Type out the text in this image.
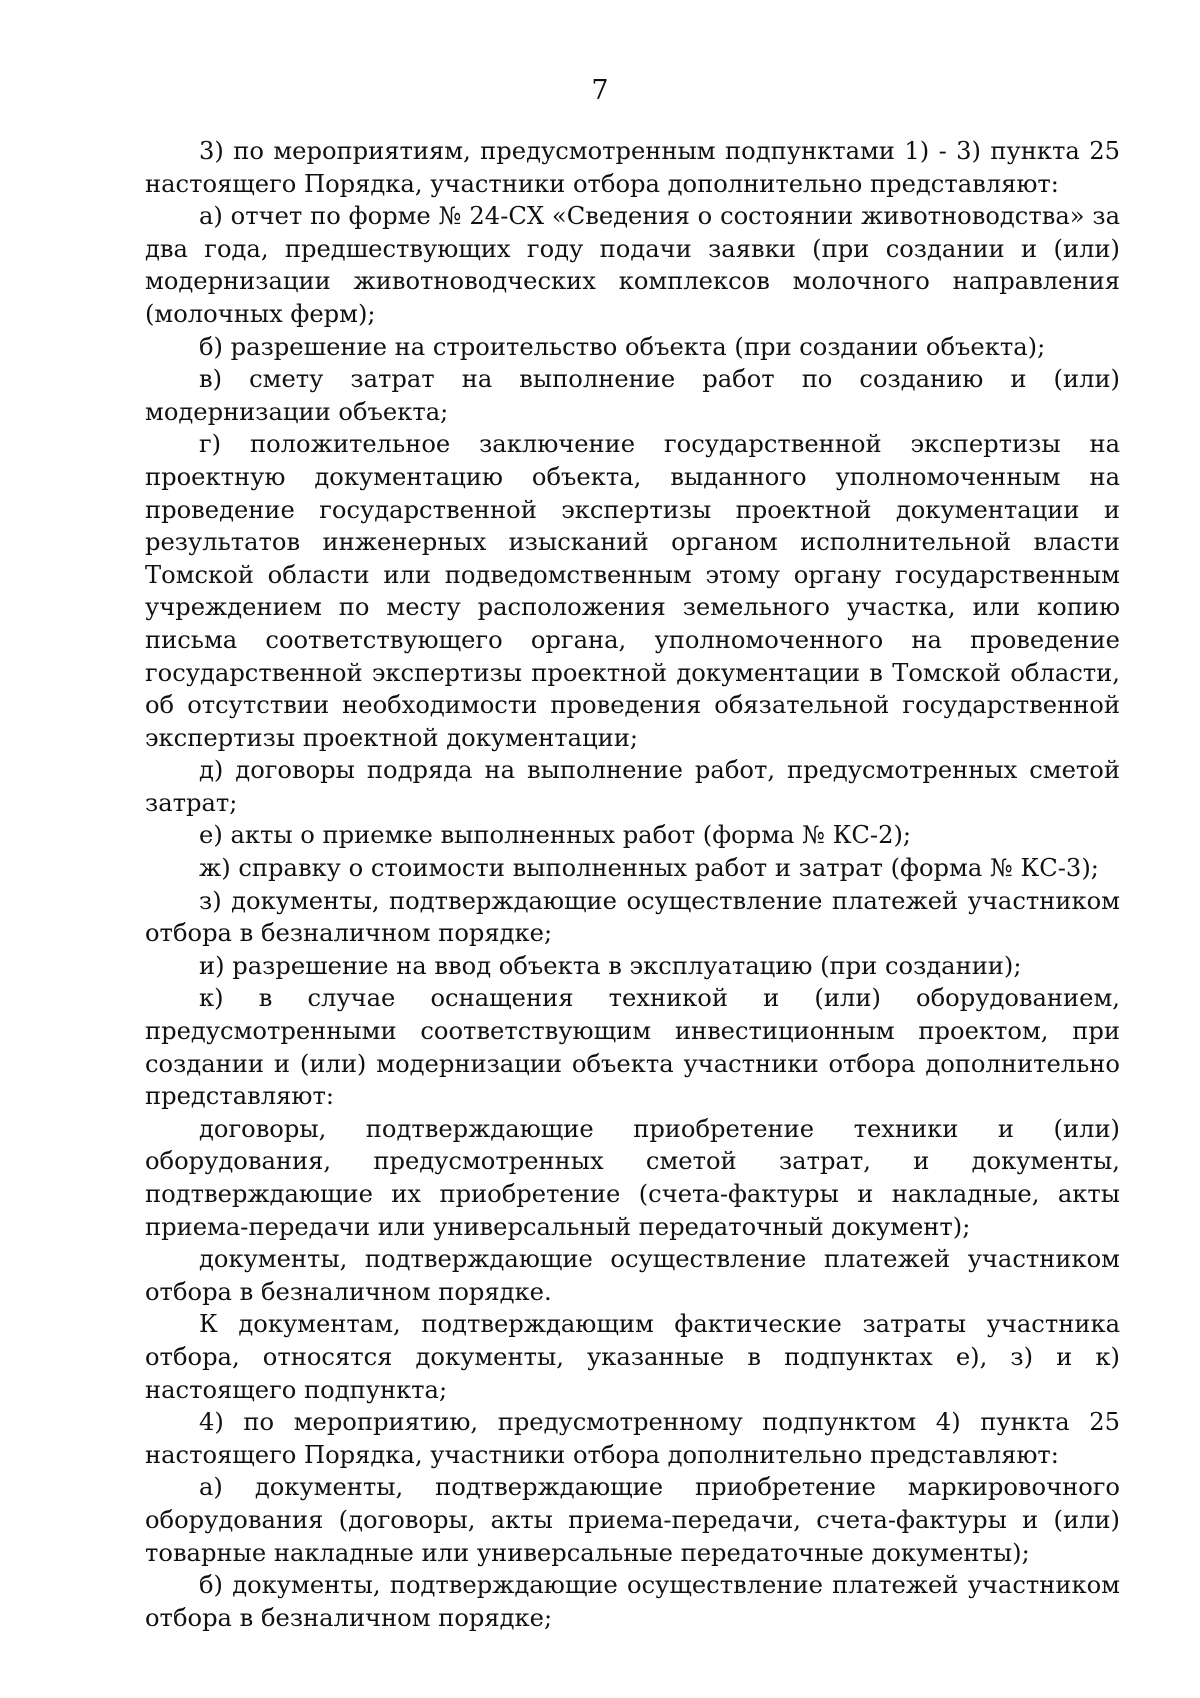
7

3) по мероприятиям, предусмотренным подпунктами 1) - 3) пункта 25 настоящего Порядка, участники отбора дополнительно представляют:

а) отчет по форме № 24-СХ «Сведения о состоянии животноводства» за два года, предшествующих году подачи заявки (при создании и (или) модернизации животноводческих комплексов молочного направления (молочных ферм);

б) разрешение на строительство объекта (при создании объекта);

в) смету затрат на выполнение работ по созданию и (или) модернизации объекта;

г) положительное заключение государственной экспертизы на проектную документацию объекта, выданного уполномоченным на проведение государственной экспертизы проектной документации и результатов инженерных изысканий органом исполнительной власти Томской области или подведомственным этому органу государственным учреждением по месту расположения земельного участка, или копию письма соответствующего органа, уполномоченного на проведение государственной экспертизы проектной документации в Томской области, об отсутствии необходимости проведения обязательной государственной экспертизы проектной документации;

д) договоры подряда на выполнение работ, предусмотренных сметой затрат;

е) акты о приемке выполненных работ (форма № КС-2);

ж) справку о стоимости выполненных работ и затрат (форма № КС-3);

з) документы, подтверждающие осуществление платежей участником отбора в безналичном порядке;

и) разрешение на ввод объекта в эксплуатацию (при создании);

к) в случае оснащения техникой и (или) оборудованием, предусмотренными соответствующим инвестиционным проектом, при создании и (или) модернизации объекта участники отбора дополнительно представляют:

договоры, подтверждающие приобретение техники и (или) оборудования, предусмотренных сметой затрат, и документы, подтверждающие их приобретение (счета-фактуры и накладные, акты приема-передачи или универсальный передаточный документ);

документы, подтверждающие осуществление платежей участником отбора в безналичном порядке.

К документам, подтверждающим фактические затраты участника отбора, относятся документы, указанные в подпунктах е), з) и к) настоящего подпункта;

4) по мероприятию, предусмотренному подпунктом 4) пункта 25 настоящего Порядка, участники отбора дополнительно представляют:

а) документы, подтверждающие приобретение маркировочного оборудования (договоры, акты приема-передачи, счета-фактуры и (или) товарные накладные или универсальные передаточные документы);

б) документы, подтверждающие осуществление платежей участником отбора в безналичном порядке;
